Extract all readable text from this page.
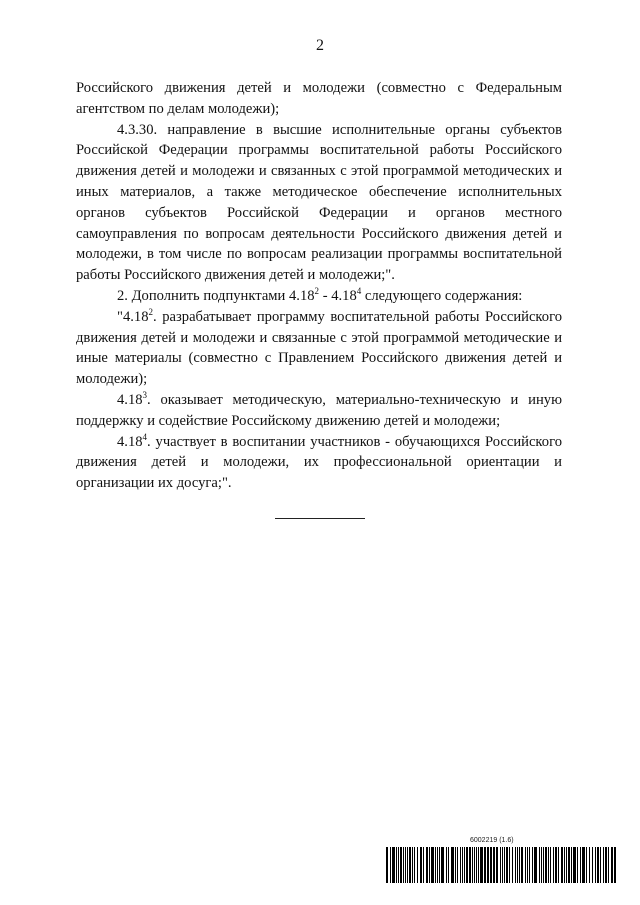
2

Российского движения детей и молодежи (совместно с Федеральным агентством по делам молодежи);

4.3.30. направление в высшие исполнительные органы субъектов Российской Федерации программы воспитательной работы Российского движения детей и молодежи и связанных с этой программой методических и иных материалов, а также методическое обеспечение исполнительных органов субъектов Российской Федерации и органов местного самоуправления по вопросам деятельности Российского движения детей и молодежи, в том числе по вопросам реализации программы воспитательной работы Российского движения детей и молодежи;".

2. Дополнить подпунктами 4.18$^2$ - 4.18$^4$ следующего содержания:

"4.18$^2$. разрабатывает программу воспитательной работы Российского движения детей и молодежи и связанные с этой программой методические и иные материалы (совместно с Правлением Российского движения детей и молодежи);

4.18$^3$. оказывает методическую, материально-техническую и иную поддержку и содействие Российскому движению детей и молодежи;

4.18$^4$. участвует в воспитании участников - обучающихся Российского движения детей и молодежи, их профессиональной ориентации и организации их досуга;".

6002219 (1.6)
